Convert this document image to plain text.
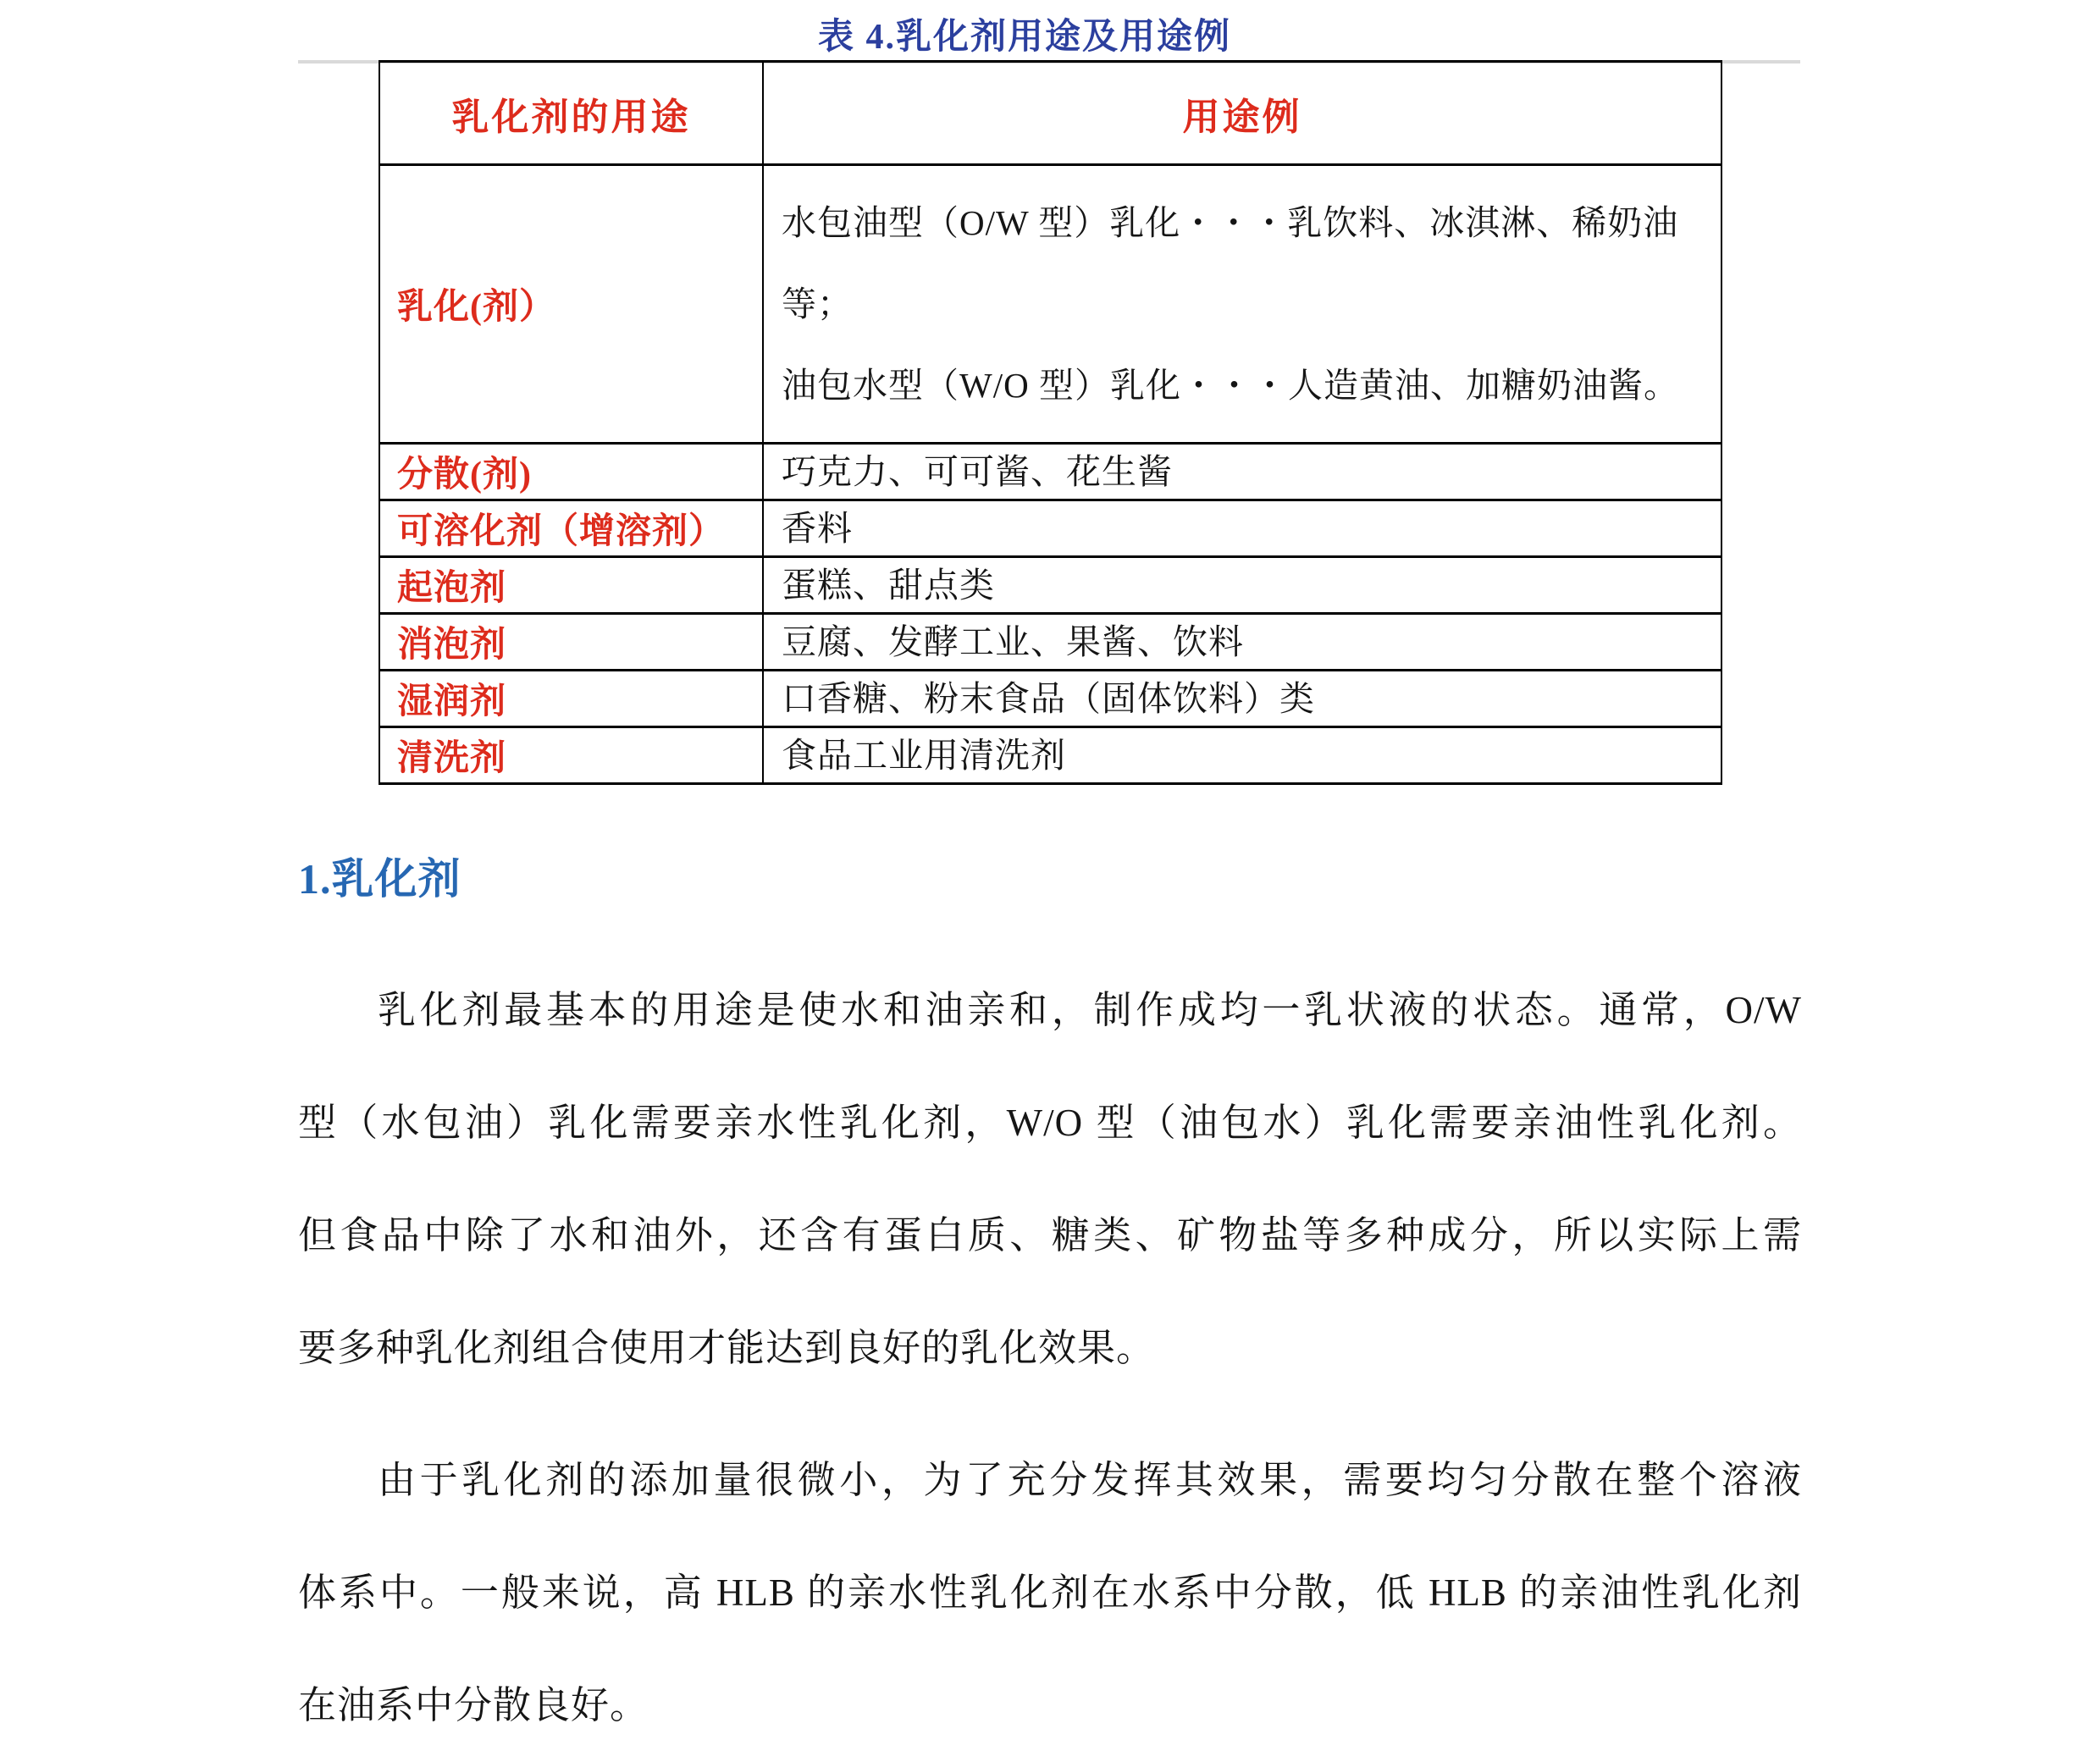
表 4.乳化剂用途及用途例
乳化剂的用途	用途例
乳化(剂）	水包油型（O/W 型）乳化・・・乳饮料、冰淇淋、稀奶油
等；
油包水型（W/O 型）乳化・・・人造黄油、加糖奶油酱。

分散(剂)	巧克力、可可酱、花生酱

可溶化剂（增溶剂）	香料

起泡剂	蛋糕、甜点类

消泡剂	豆腐、发酵工业、果酱、饮料

湿润剂	口香糖、粉末食品（固体饮料）类

清洗剂	食品工业用清洗剂
1.乳化剂
乳化剂最基本的用途是使水和油亲和，制作成均一乳状液的状态。通常，O/W
型（水包油）乳化需要亲水性乳化剂，W/O 型（油包水）乳化需要亲油性乳化剂。
但食品中除了水和油外，还含有蛋白质、糖类、矿物盐等多种成分，所以实际上需
要多种乳化剂组合使用才能达到良好的乳化效果。
由于乳化剂的添加量很微小，为了充分发挥其效果，需要均匀分散在整个溶液
体系中。一般来说，高 HLB 的亲水性乳化剂在水系中分散，低 HLB 的亲油性乳化剂
在油系中分散良好。
